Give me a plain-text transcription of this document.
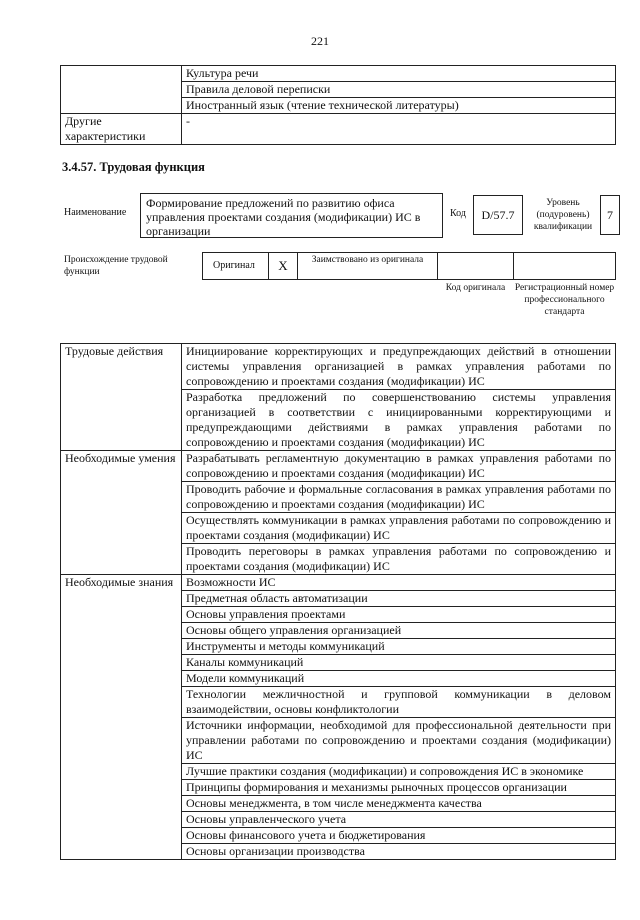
221
	Культура речи
	Правила деловой переписки
	Иностранный язык (чтение технической литературы)
Другие характеристики	-
3.4.57. Трудовая функция
Наименование
Формирование предложений по развитию офиса управления проектами создания (модификации) ИС в организации
Код	D/57.7
Уровень (подуровень) квалификации
7
Происхождение трудовой функции
Оригинал	X	Заимствовано из оригинала
Код оригинала	Регистрационный номер профессионального стандарта
Трудовые действия	Инициирование корректирующих и предупреждающих действий в отношении системы управления организацией в рамках управления работами по сопровождению и проектами создания (модификации) ИС
	Разработка предложений по совершенствованию системы управления организацией в соответствии с инициированными корректирующими и предупреждающими действиями в рамках управления работами по сопровождению и проектами создания (модификации) ИС
Необходимые умения	Разрабатывать регламентную документацию в рамках управления работами по сопровождению и проектами создания (модификации) ИС
	Проводить рабочие и формальные согласования в рамках управления работами по сопровождению и проектами создания (модификации) ИС
	Осуществлять коммуникации в рамках управления работами по сопровождению и проектами создания (модификации) ИС
	Проводить переговоры в рамках управления работами по сопровождению и проектами создания (модификации) ИС
Необходимые знания	Возможности ИС
	Предметная область автоматизации
	Основы управления проектами
	Основы общего управления организацией
	Инструменты и методы коммуникаций
	Каналы коммуникаций
	Модели коммуникаций
	Технологии межличностной и групповой коммуникации в деловом взаимодействии, основы конфликтологии
	Источники информации, необходимой для профессиональной деятельности при управлении работами по сопровождению и проектами создания (модификации) ИС
	Лучшие практики создания (модификации) и сопровождения ИС в экономике
	Принципы формирования и механизмы рыночных процессов организации
	Основы менеджмента, в том числе менеджмента качества
	Основы управленческого учета
	Основы финансового учета и бюджетирования
	Основы организации производства
